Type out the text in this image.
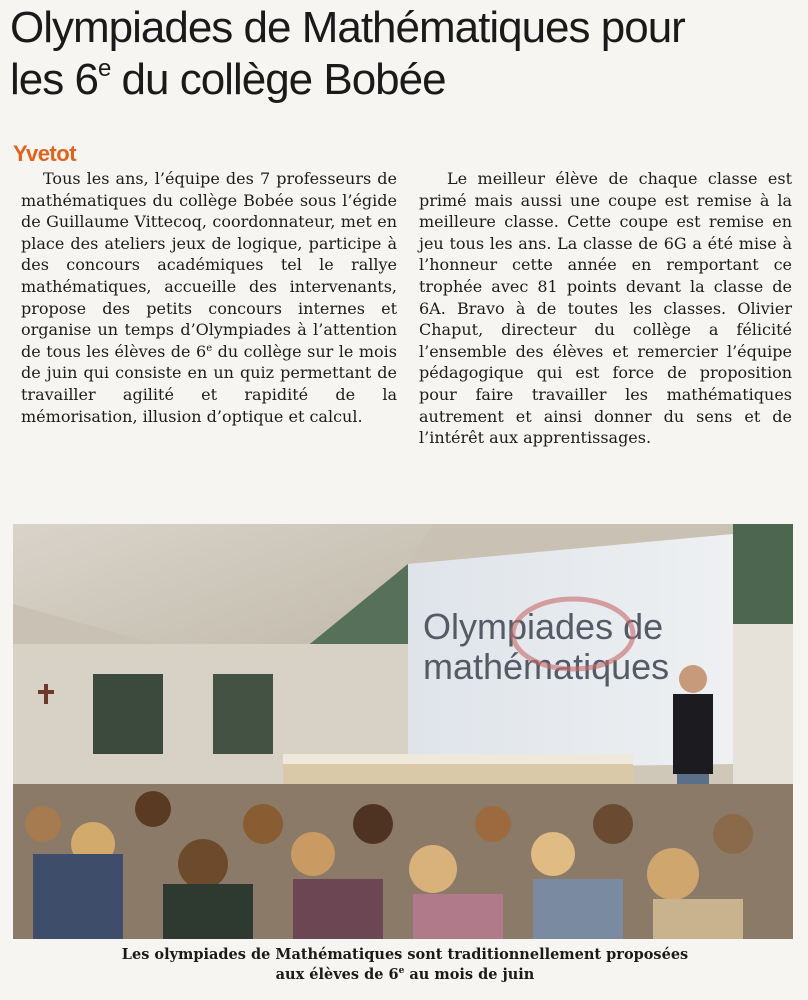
Olympiades de Mathématiques pour
les 6e du collège Bobée
Yvetot

Tous les ans, l’équipe des 7 professeurs de mathématiques du collège Bobée sous l’égide de Guillaume Vittecoq, coordonnateur, met en place des ateliers jeux de logique, participe à des concours académiques tel le rallye mathématiques, accueille des intervenants, propose des petits concours internes et organise un temps d’Olympiades à l’attention de tous les élèves de 6e du collège sur le mois de juin qui consiste en un quiz permettant de travailler agilité et rapidité de la mémorisation, illusion d’optique et calcul.

Le meilleur élève de chaque classe est primé mais aussi une coupe est remise à la meilleure classe. Cette coupe est remise en jeu tous les ans. La classe de 6G a été mise à l’honneur cette année en remportant ce trophée avec 81 points devant la classe de 6A. Bravo à de toutes les classes. Olivier Chaput, directeur du collège a félicité l’ensemble des élèves et remercier l’équipe pédagogique qui est force de proposition pour faire travailler les mathématiques autrement et ainsi donner du sens et de l’intérêt aux apprentissages.

Olympiades de
mathématiques

Les olympiades de Mathématiques sont traditionnellement proposées
aux élèves de 6e au mois de juin
